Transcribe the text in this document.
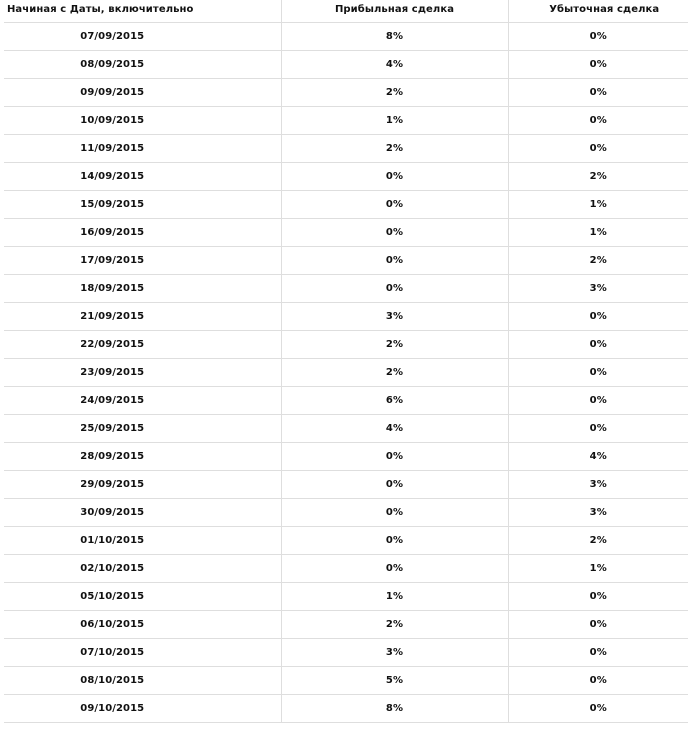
Начиная с Даты, включительно	Прибыльная сделка	Убыточная сделка
07/09/2015	8%	0%
08/09/2015	4%	0%
09/09/2015	2%	0%
10/09/2015	1%	0%
11/09/2015	2%	0%
14/09/2015	0%	2%
15/09/2015	0%	1%
16/09/2015	0%	1%
17/09/2015	0%	2%
18/09/2015	0%	3%
21/09/2015	3%	0%
22/09/2015	2%	0%
23/09/2015	2%	0%
24/09/2015	6%	0%
25/09/2015	4%	0%
28/09/2015	0%	4%
29/09/2015	0%	3%
30/09/2015	0%	3%
01/10/2015	0%	2%
02/10/2015	0%	1%
05/10/2015	1%	0%
06/10/2015	2%	0%
07/10/2015	3%	0%
08/10/2015	5%	0%
09/10/2015	8%	0%
